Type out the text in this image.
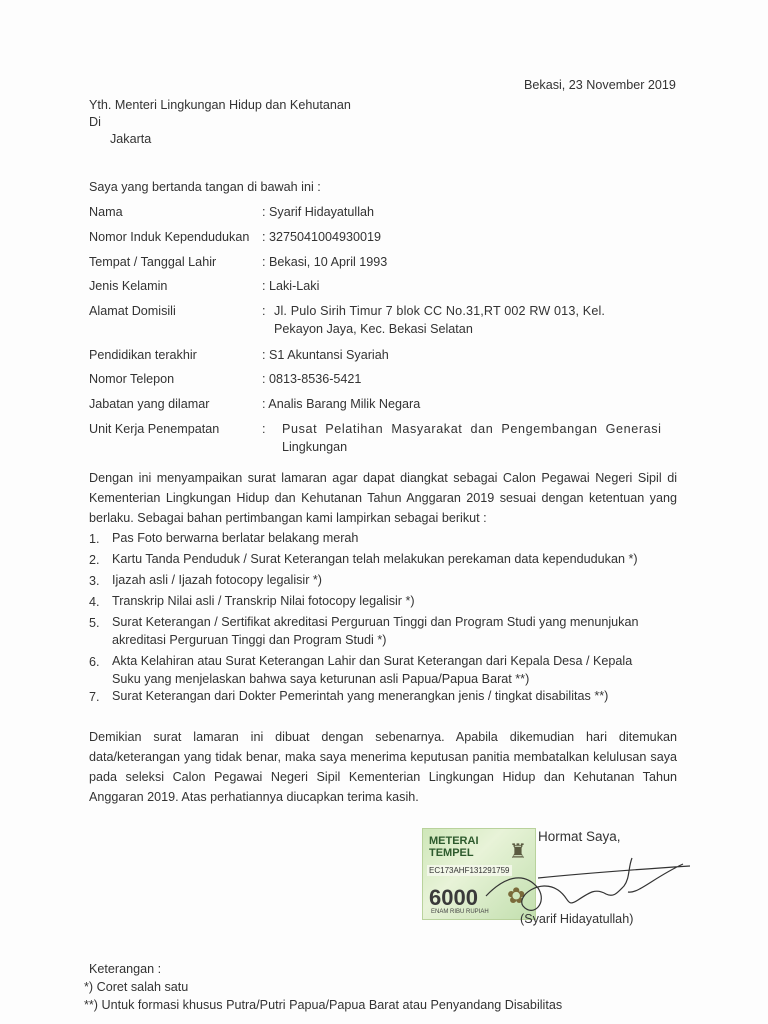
Bekasi, 23 November 2019
Yth. Menteri Lingkungan Hidup dan Kehutanan
Di
Jakarta
Saya yang bertanda tangan di bawah ini :
Nama	: Syarif Hidayatullah
Nomor Induk Kependudukan : 3275041004930019
Tempat / Tanggal Lahir	: Bekasi, 10 April 1993
Jenis Kelamin	: Laki-Laki
Alamat Domisili	: Jl. Pulo Sirih Timur 7 blok CC No.31,RT 002 RW 013, Kel.
Pekayon Jaya, Kec. Bekasi Selatan
Pendidikan terakhir	: S1 Akuntansi Syariah
Nomor Telepon	: 0813-8536-5421
Jabatan yang dilamar	: Analis Barang Milik Negara
Unit Kerja Penempatan	: Pusat Pelatihan Masyarakat dan Pengembangan Generasi
Lingkungan
Dengan ini menyampaikan surat lamaran agar dapat diangkat sebagai Calon Pegawai Negeri Sipil di Kementerian Lingkungan Hidup dan Kehutanan Tahun Anggaran 2019 sesuai dengan ketentuan yang berlaku. Sebagai bahan pertimbangan kami lampirkan sebagai berikut :
1. Pas Foto berwarna berlatar belakang merah
2. Kartu Tanda Penduduk / Surat Keterangan telah melakukan perekaman data kependudukan *)
3. Ijazah asli / Ijazah fotocopy legalisir *)
4. Transkrip Nilai asli / Transkrip Nilai fotocopy legalisir *)
5. Surat Keterangan / Sertifikat akreditasi Perguruan Tinggi dan Program Studi yang menunjukan
akreditasi Perguruan Tinggi dan Program Studi *)
6. Akta Kelahiran atau Surat Keterangan Lahir dan Surat Keterangan dari Kepala Desa / Kepala
Suku yang menjelaskan bahwa saya keturunan asli Papua/Papua Barat **)
7. Surat Keterangan dari Dokter Pemerintah yang menerangkan jenis / tingkat disabilitas **)
Demikian surat lamaran ini dibuat dengan sebenarnya. Apabila dikemudian hari ditemukan data/keterangan yang tidak benar, maka saya menerima keputusan panitia membatalkan kelulusan saya pada seleksi Calon Pegawai Negeri Sipil Kementerian Lingkungan Hidup dan Kehutanan Tahun Anggaran 2019. Atas perhatiannya diucapkan terima kasih.
METERAI
TEMPEL ♜
EC173AHF131291759
6000 ✿
ENAM RIBU RUPIAH
Hormat Saya,
(Syarif Hidayatullah)
Keterangan :
*) Coret salah satu
**) Untuk formasi khusus Putra/Putri Papua/Papua Barat atau Penyandang Disabilitas
